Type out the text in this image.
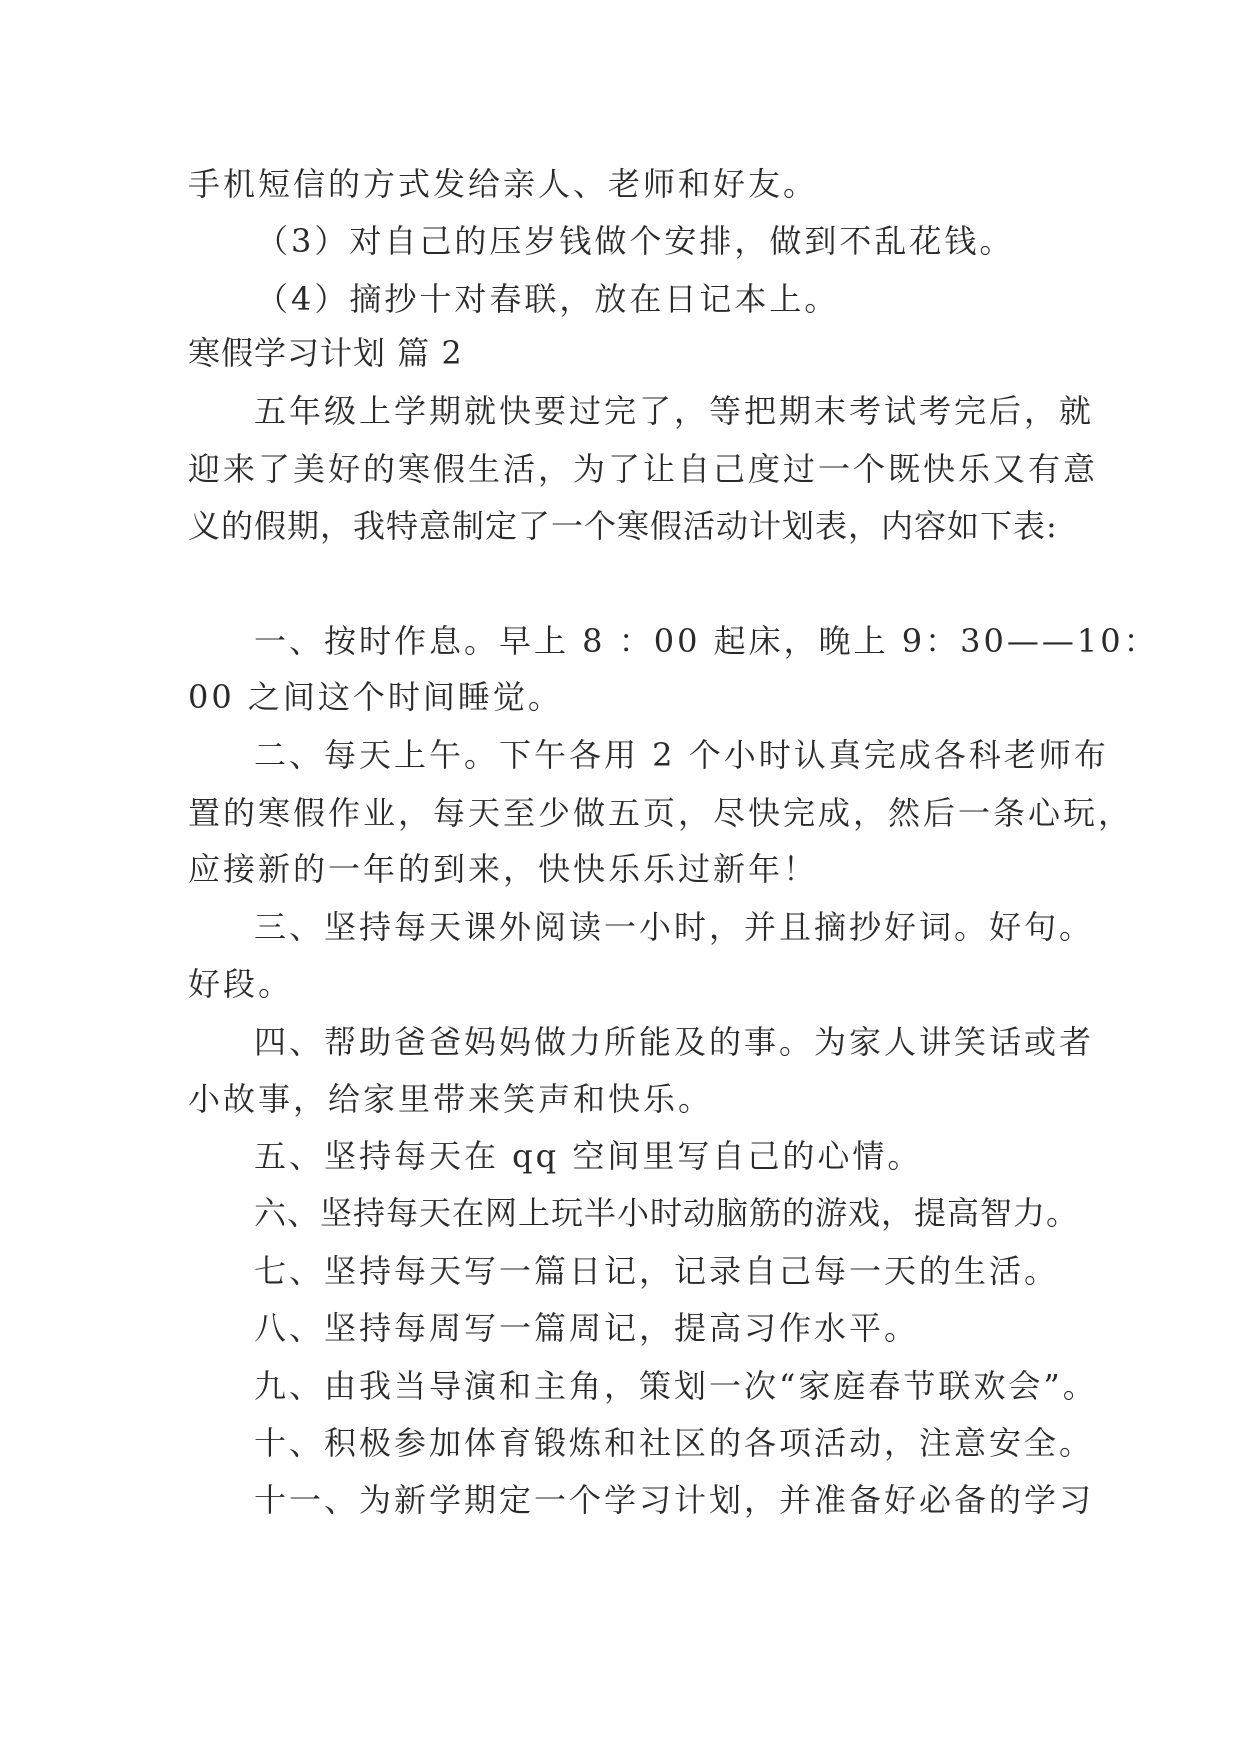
手机短信的方式发给亲人、老师和好友。
（3）对自己的压岁钱做个安排，做到不乱花钱。
（4）摘抄十对春联，放在日记本上。
寒假学习计划 篇 2
五年级上学期就快要过完了，等把期末考试考完后，就
迎来了美好的寒假生活，为了让自己度过一个既快乐又有意
义的假期，我特意制定了一个寒假活动计划表，内容如下表:
一、按时作息。早上 8 ：00 起床，晚上 9：30——10：
00 之间这个时间睡觉。
二、每天上午。下午各用 2 个小时认真完成各科老师布
置的寒假作业，每天至少做五页，尽快完成，然后一条心玩，
应接新的一年的到来，快快乐乐过新年！
三、坚持每天课外阅读一小时，并且摘抄好词。好句。
好段。
四、帮助爸爸妈妈做力所能及的事。为家人讲笑话或者
小故事，给家里带来笑声和快乐。
五、坚持每天在 qq 空间里写自己的心情。
六、坚持每天在网上玩半小时动脑筋的游戏，提高智力。
七、坚持每天写一篇日记，记录自己每一天的生活。
八、坚持每周写一篇周记，提高习作水平。
九、由我当导演和主角，策划一次“家庭春节联欢会”。
十、积极参加体育锻炼和社区的各项活动，注意安全。
十一、为新学期定一个学习计划，并准备好必备的学习
